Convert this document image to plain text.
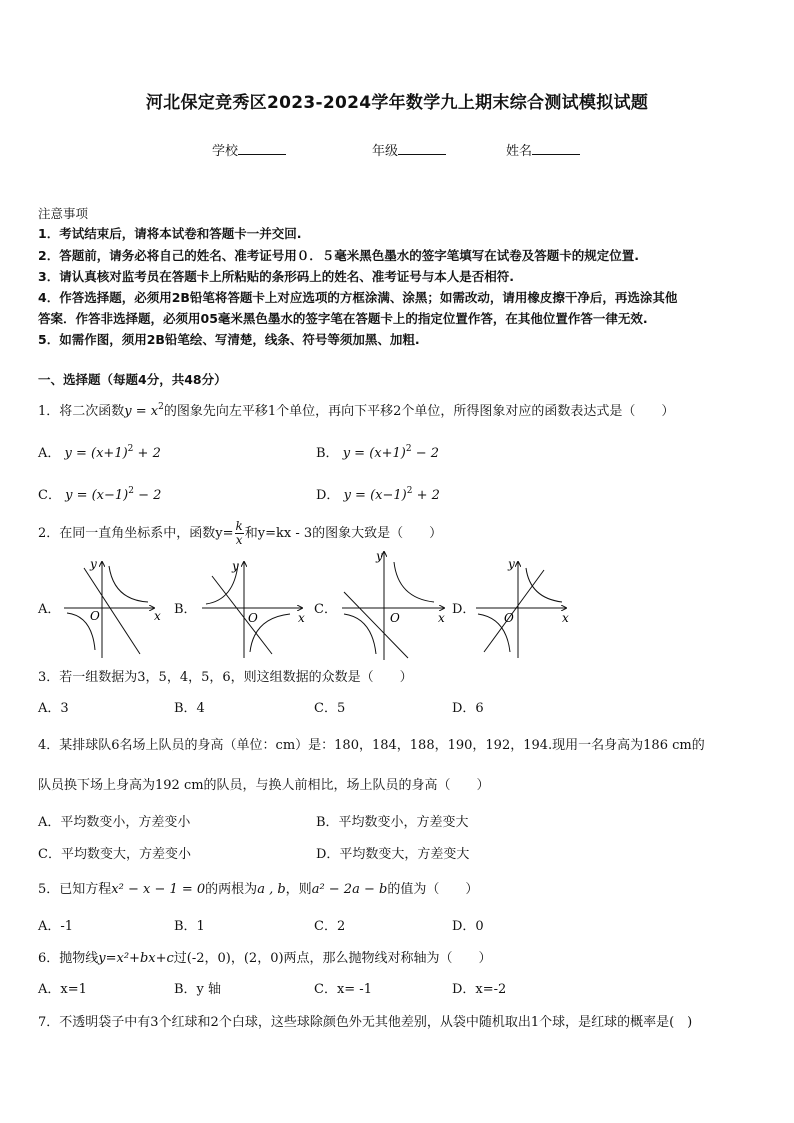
河北保定竞秀区2023-2024学年数学九上期末综合测试模拟试题
学校	年级	姓名
注意事项
1．考试结束后，请将本试卷和答题卡一并交回.
2．答题前，请务必将自己的姓名、准考证号用０．５毫米黑色墨水的签字笔填写在试卷及答题卡的规定位置.
3．请认真核对监考员在答题卡上所粘贴的条形码上的姓名、准考证号与本人是否相符.
4．作答选择题，必须用2B铅笔将答题卡上对应选项的方框涂满、涂黑；如需改动，请用橡皮擦干净后，再选涂其他
答案．作答非选择题，必须用05毫米黑色墨水的签字笔在答题卡上的指定位置作答，在其他位置作答一律无效.
5．如需作图，须用2B铅笔绘、写清楚，线条、符号等须加黑、加粗.
一、选择题（每题4分，共48分）
1．将二次函数$y = x^2$的图象先向左平移1个单位，再向下平移2个单位，所得图象对应的函数表达式是（　　）
A． $y = (x+1)^2 + 2$	B． $y = (x+1)^2 - 2$
C． $y = (x-1)^2 - 2$	D． $y = (x-1)^2 + 2$
2．在同一直角坐标系中，函数$y= \frac{k}{x}$ 和y=kx - 3的图象大致是（　　）
A．	B．	C．	D．
x
y
O	x
y
O	x
y
O	x
y
O
3．若一组数据为3，5，4，5，6，则这组数据的众数是（　　）
A．3	B．4	C．5	D．6
4．某排球队6名场上队员的身高（单位：cm）是：180，184，188，190，192，194.现用一名身高为186 cm的
队员换下场上身高为192 cm的队员，与换人前相比，场上队员的身高（　　）
A．平均数变小，方差变小	B．平均数变小，方差变大
C．平均数变大，方差变小	D．平均数变大，方差变大
5．已知方程x² − x − 1 = 0的两根为a , b，则a² − 2a − b的值为（　　）
A．-1	B．1	C．2	D．0
6．抛物线y=x²+bx+c过(-2，0)，(2，0)两点，那么抛物线对称轴为（　　）
A．x=1	B．y 轴	C．x= -1	D．x=-2
7．不透明袋子中有3个红球和2个白球，这些球除颜色外无其他差别，从袋中随机取出1个球，是红球的概率是(　)
